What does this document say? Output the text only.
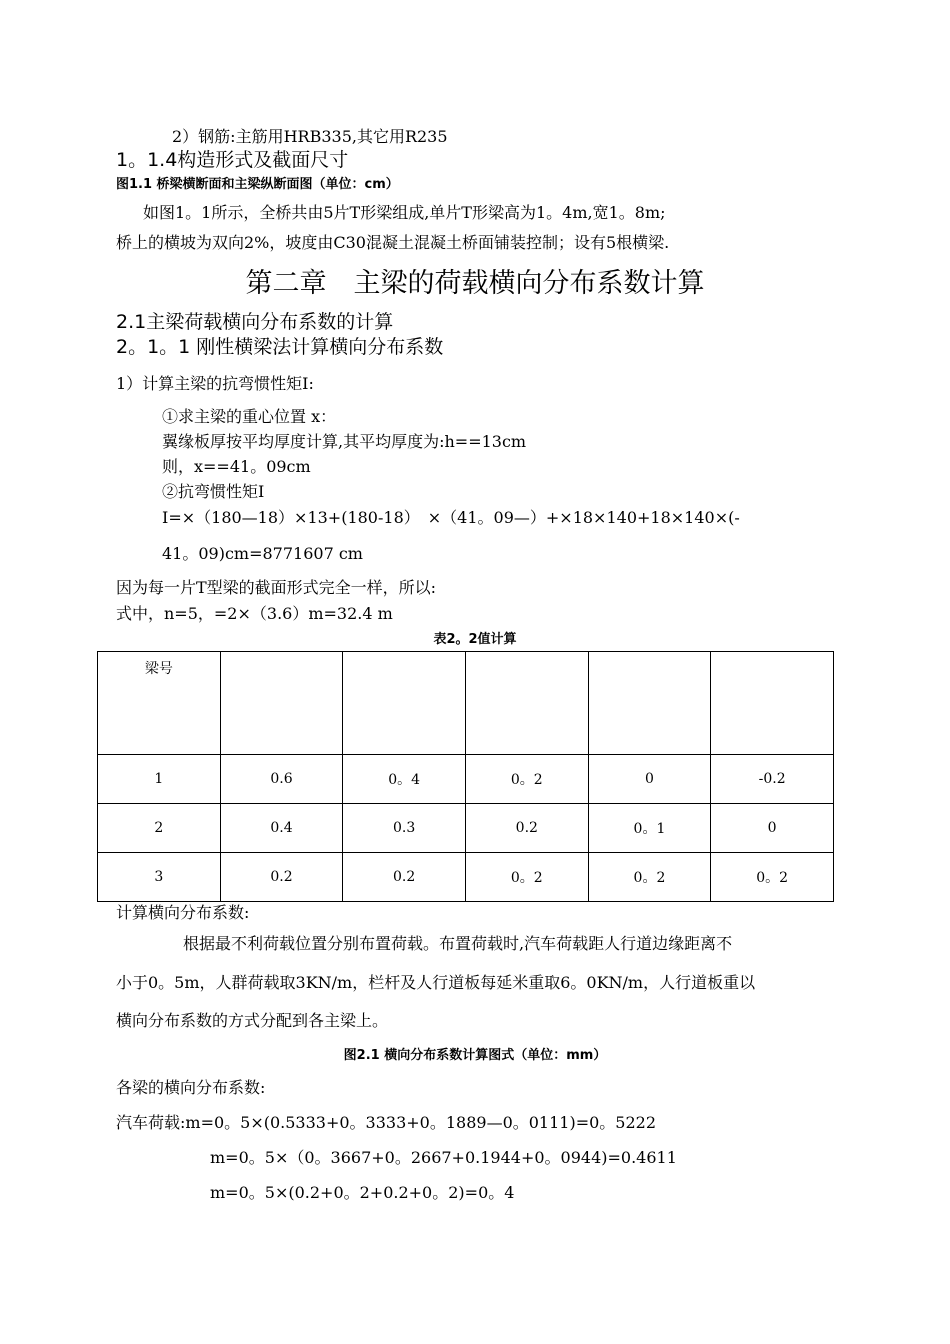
2）钢筋:主筋用HRB335,其它用R235
1。1.4构造形式及截面尺寸
图1.1 桥梁横断面和主梁纵断面图（单位：cm）
如图1。1所示，全桥共由5片T形梁组成,单片T形梁高为1。4m,宽1。8m;
桥上的横坡为双向2%，坡度由C30混凝土混凝土桥面铺装控制；设有5根横梁.
第二章　主梁的荷载横向分布系数计算
2.1主梁荷载横向分布系数的计算
2。1。1 刚性横梁法计算横向分布系数
1）计算主梁的抗弯惯性矩I:
①求主梁的重心位置 x：
翼缘板厚按平均厚度计算,其平均厚度为:h==13cm
则，x==41。09cm
②抗弯惯性矩I
I=×（180—18）×13+(180-18）　×（41。09—）+×18×140+18×140×(-
41。09)cm=8771607 cm
因为每一片T型梁的截面形式完全一样，所以:
式中，n=5，=2×（3.6）m=32.4 m
表2。2值计算
梁号					
1	0.6	0。4	0。2	0	-0.2
2	0.4	0.3	0.2	0。1	0
3	0.2	0.2	0。2	0。2	0。2
计算横向分布系数:
根据最不利荷载位置分别布置荷载。布置荷载时,汽车荷载距人行道边缘距离不
小于0。5m，人群荷载取3KN/m，栏杆及人行道板每延米重取6。0KN/m，人行道板重以
横向分布系数的方式分配到各主梁上。
图2.1 横向分布系数计算图式（单位：mm）
各梁的横向分布系数:
汽车荷载:m=0。5×(0.5333+0。3333+0。1889—0。0111)=0。5222
m=0。5×（0。3667+0。2667+0.1944+0。0944)=0.4611
m=0。5×(0.2+0。2+0.2+0。2)=0。4
